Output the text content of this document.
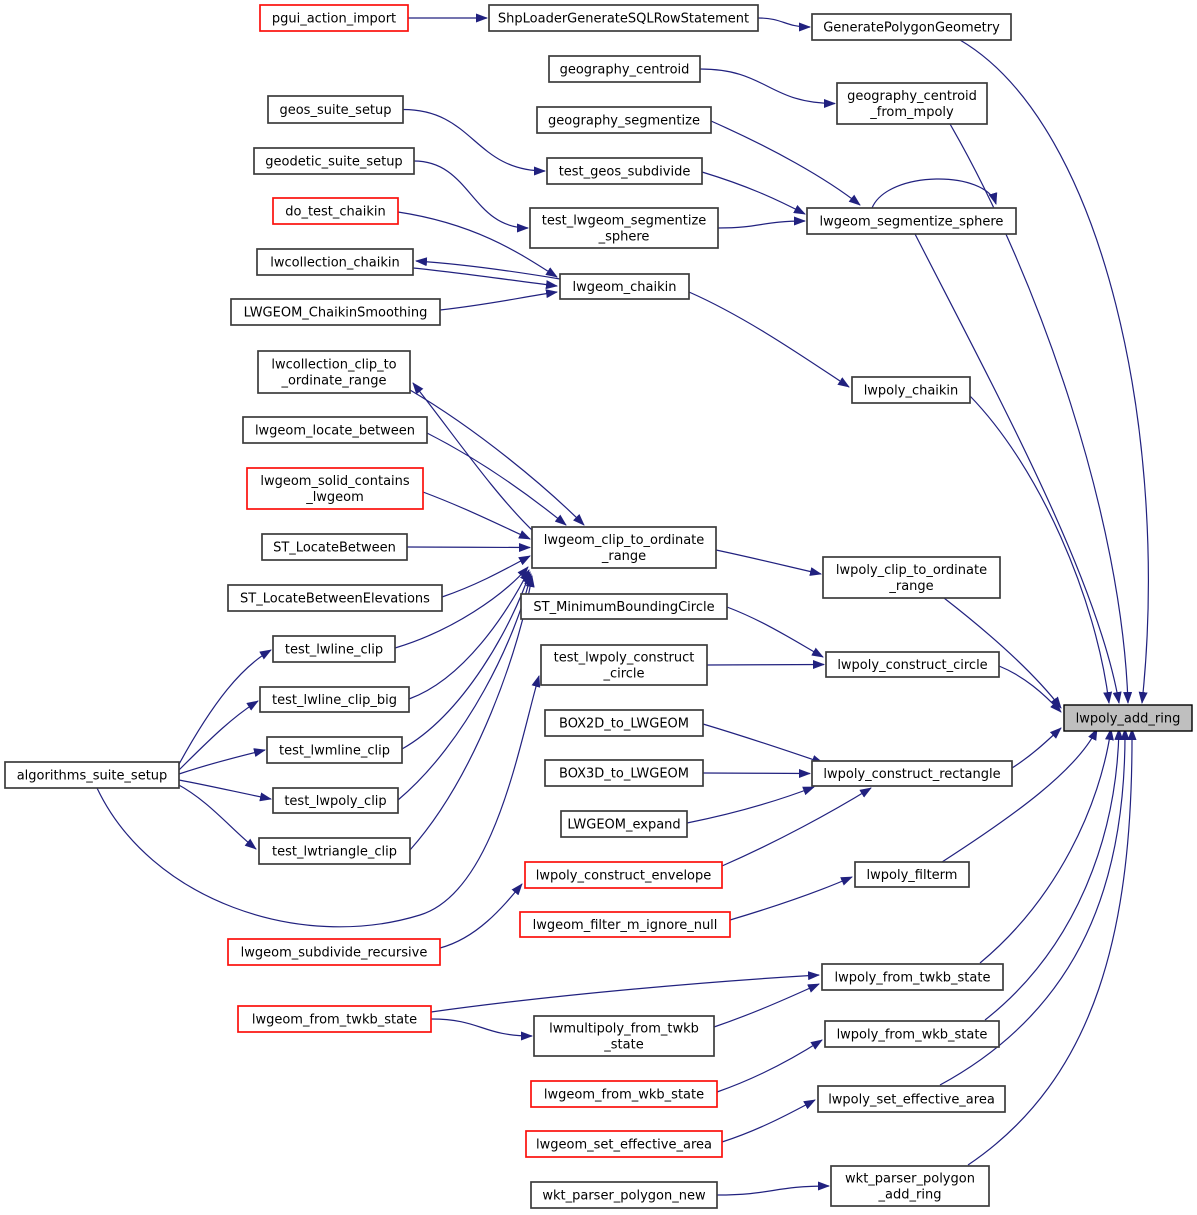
pgui_action_import	ShpLoaderGenerateSQLRowStatement
GeneratePolygonGeometry
geography_centroid
geography_centroid _from_mpoly
geos_suite_setup
geography_segmentize
geodetic_suite_setup
test_geos_subdivide
do_test_chaikin
test_lwgeom_segmentize _sphere
lwgeom_segmentize_sphere
lwcollection_chaikin
lwgeom_chaikin
LWGEOM_ChaikinSmoothing
lwcollection_clip_to _ordinate_range
lwpoly_chaikin
lwgeom_locate_between
lwgeom_solid_contains _lwgeom
lwgeom_clip_to_ordinate _range
ST_LocateBetween
lwpoly_clip_to_ordinate _range
ST_LocateBetweenElevations
ST_MinimumBoundingCircle
test_lwline_clip
test_lwpoly_construct _circle
lwpoly_construct_circle
test_lwline_clip_big
lwpoly_add_ring
BOX2D_to_LWGEOM
test_lwmline_clip
BOX3D_to_LWGEOM	lwpoly_construct_rectangle
algorithms_suite_setup
test_lwpoly_clip
LWGEOM_expand
test_lwtriangle_clip
lwpoly_construct_envelope	lwpoly_filterm
lwgeom_filter_m_ignore_null
lwgeom_subdivide_recursive
lwpoly_from_twkb_state
lwgeom_from_twkb_state
lwmultipoly_from_twkb _state
lwpoly_from_wkb_state
lwgeom_from_wkb_state	lwpoly_set_effective_area
lwgeom_set_effective_area
wkt_parser_polygon _add_ring
wkt_parser_polygon_new
